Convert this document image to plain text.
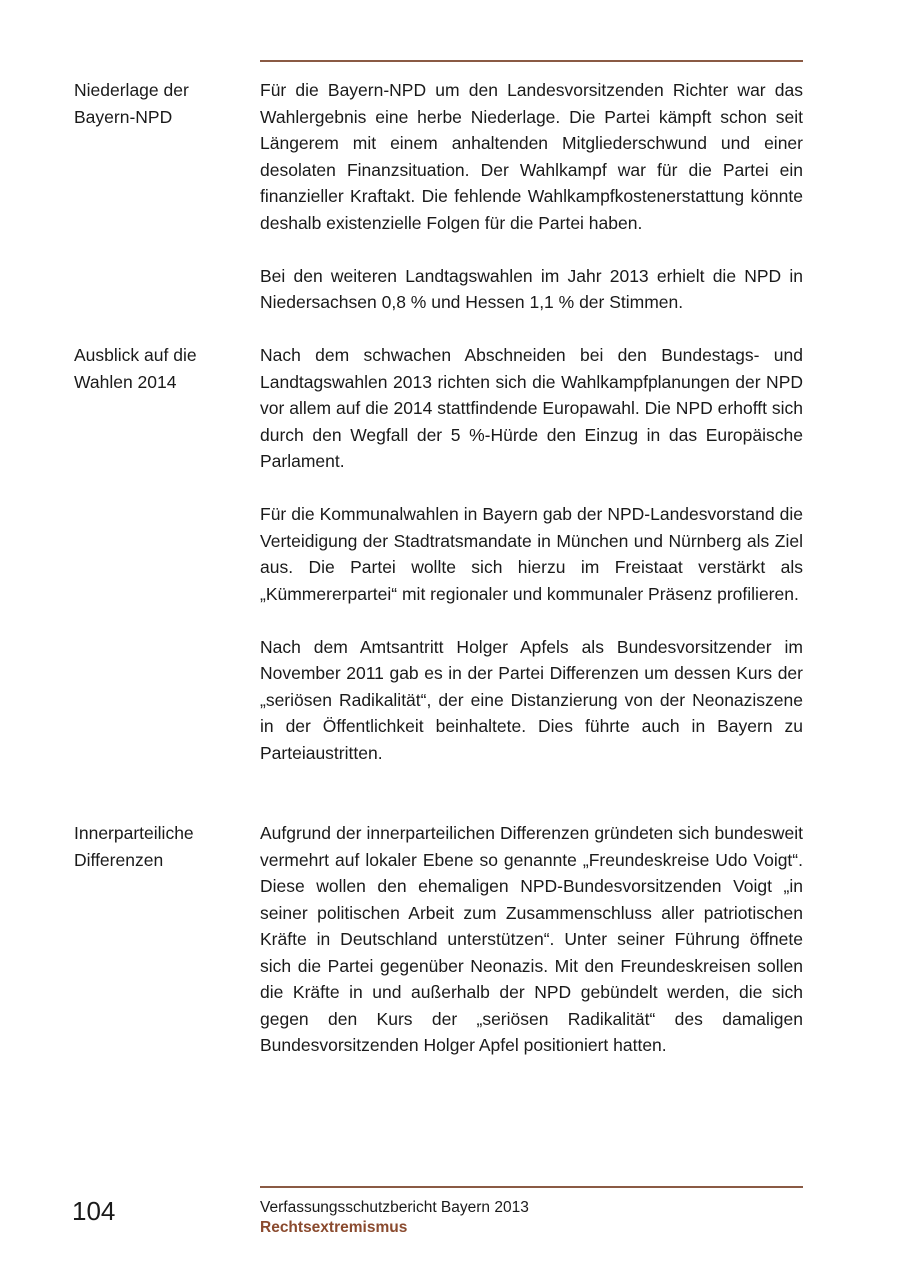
Niederlage der
Bayern-NPD

Für die Bayern-NPD um den Landesvorsitzenden Richter war das Wahlergebnis eine herbe Niederlage. Die Partei kämpft schon seit Längerem mit einem anhaltenden Mitgliederschwund und einer desolaten Finanzsituation. Der Wahlkampf war für die Partei ein finanzieller Kraftakt. Die fehlende Wahlkampfkostenerstattung könnte deshalb existenzielle Folgen für die Partei haben.

Bei den weiteren Landtagswahlen im Jahr 2013 erhielt die NPD in Niedersachsen 0,8 % und Hessen 1,1 % der Stimmen.

Ausblick auf die
Wahlen 2014

Nach dem schwachen Abschneiden bei den Bundestags- und Landtagswahlen 2013 richten sich die Wahlkampfplanungen der NPD vor allem auf die 2014 stattfindende Europawahl. Die NPD erhofft sich durch den Wegfall der 5 %-Hürde den Einzug in das Europäische Parlament.

Für die Kommunalwahlen in Bayern gab der NPD-Landesvorstand die Verteidigung der Stadtratsmandate in München und Nürnberg als Ziel aus. Die Partei wollte sich hierzu im Freistaat verstärkt als „Kümmererpartei“ mit regionaler und kommunaler Präsenz profilieren.

Nach dem Amtsantritt Holger Apfels als Bundesvorsitzender im November 2011 gab es in der Partei Differenzen um dessen Kurs der „seriösen Radikalität“, der eine Distanzierung von der Neonaziszene in der Öffentlichkeit beinhaltete. Dies führte auch in Bayern zu Parteiaustritten.

Innerparteiliche
Differenzen

Aufgrund der innerparteilichen Differenzen gründeten sich bundesweit vermehrt auf lokaler Ebene so genannte „Freundeskreise Udo Voigt“. Diese wollen den ehemaligen NPD-Bundesvorsitzenden Voigt „in seiner politischen Arbeit zum Zusammenschluss aller patriotischen Kräfte in Deutschland unterstützen“. Unter seiner Führung öffnete sich die Partei gegenüber Neonazis. Mit den Freundeskreisen sollen die Kräfte in und außerhalb der NPD gebündelt werden, die sich gegen den Kurs der „seriösen Radikalität“ des damaligen Bundesvorsitzenden Holger Apfel positioniert hatten.

104	Verfassungsschutzbericht Bayern 2013
Rechtsextremismus
